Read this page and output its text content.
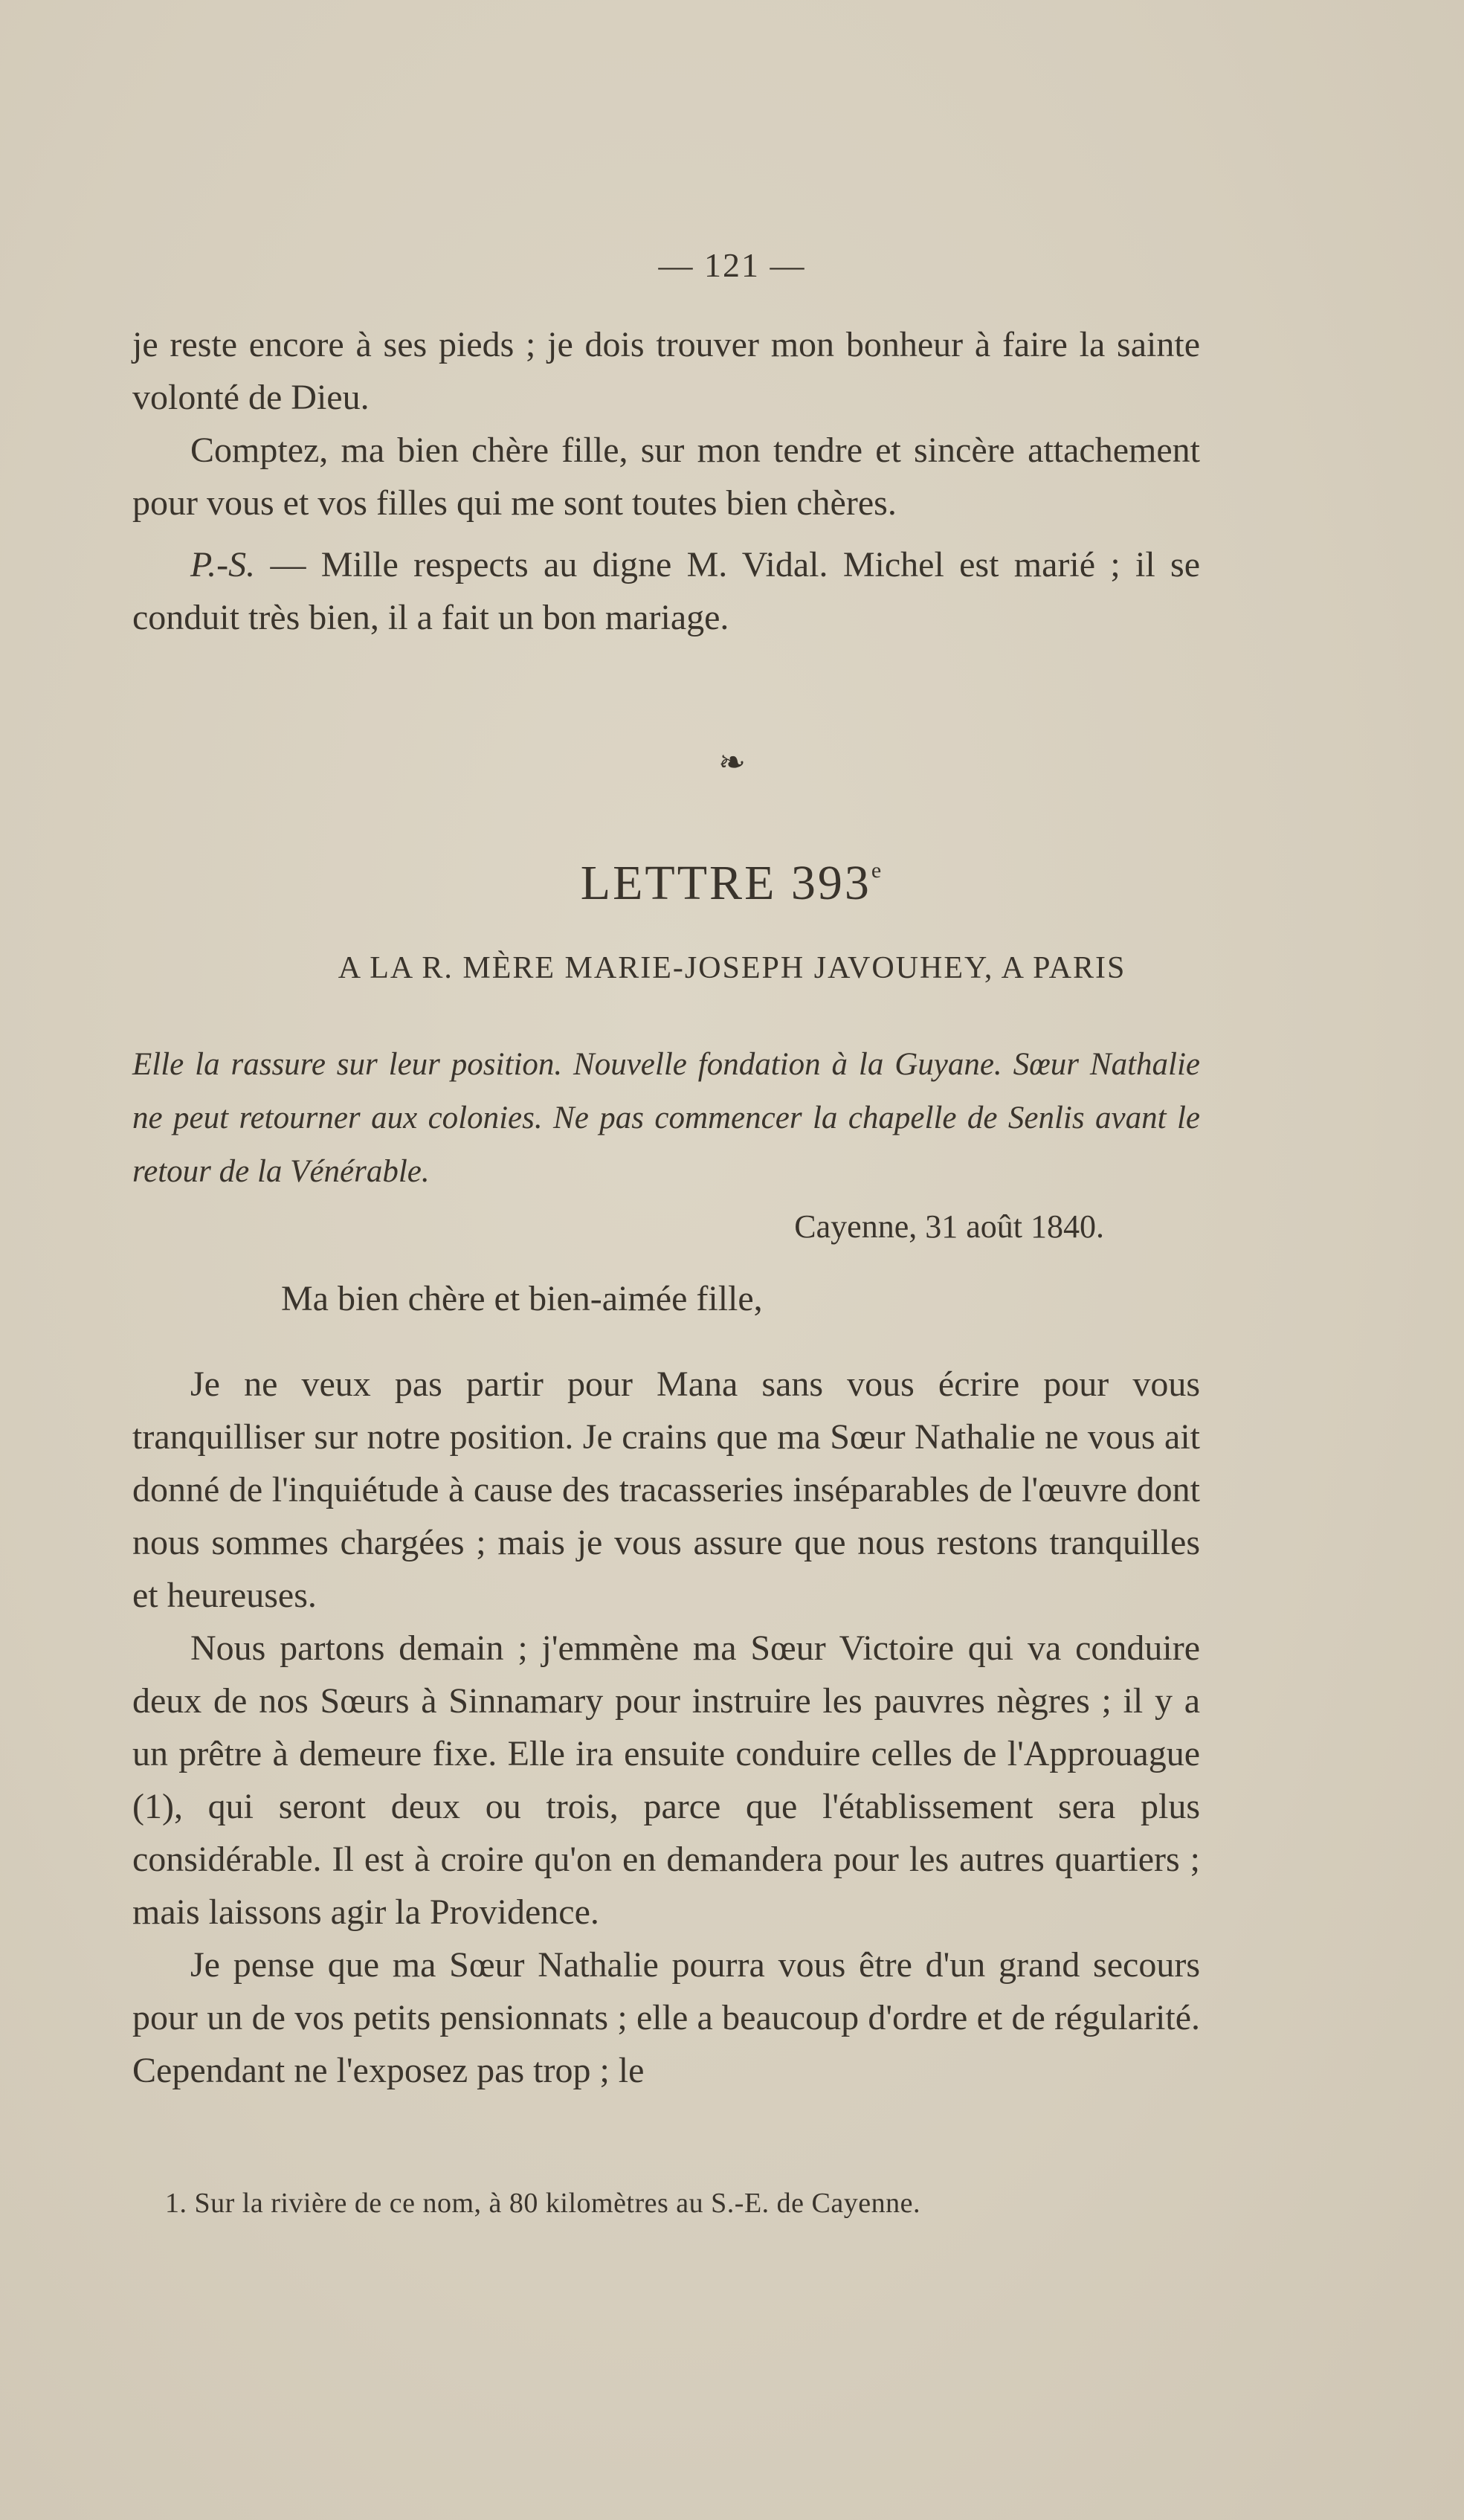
— 121 —

je reste encore à ses pieds ; je dois trouver mon bonheur à faire la sainte volonté de Dieu.

Comptez, ma bien chère fille, sur mon tendre et sincère attachement pour vous et vos filles qui me sont toutes bien chères.

P.-S. — Mille respects au digne M. Vidal. Michel est marié ; il se conduit très bien, il a fait un bon mariage.

❧
LETTRE 393e
A LA R. MÈRE MARIE-JOSEPH JAVOUHEY, A PARIS

Elle la rassure sur leur position. Nouvelle fondation à la Guyane. Sœur Nathalie ne peut retourner aux colonies. Ne pas commencer la chapelle de Senlis avant le retour de la Vénérable.

Cayenne, 31 août 1840.
Ma bien chère et bien-aimée fille,

Je ne veux pas partir pour Mana sans vous écrire pour vous tranquilliser sur notre position. Je crains que ma Sœur Nathalie ne vous ait donné de l'inquiétude à cause des tracasseries inséparables de l'œuvre dont nous sommes chargées ; mais je vous assure que nous restons tranquilles et heureuses.

Nous partons demain ; j'emmène ma Sœur Victoire qui va conduire deux de nos Sœurs à Sinnamary pour instruire les pauvres nègres ; il y a un prêtre à demeure fixe. Elle ira ensuite conduire celles de l'Approuague (1), qui seront deux ou trois, parce que l'établissement sera plus considérable. Il est à croire qu'on en demandera pour les autres quartiers ; mais laissons agir la Providence.

Je pense que ma Sœur Nathalie pourra vous être d'un grand secours pour un de vos petits pensionnats ; elle a beaucoup d'ordre et de régularité. Cependant ne l'exposez pas trop ; le

1. Sur la rivière de ce nom, à 80 kilomètres au S.-E. de Cayenne.
